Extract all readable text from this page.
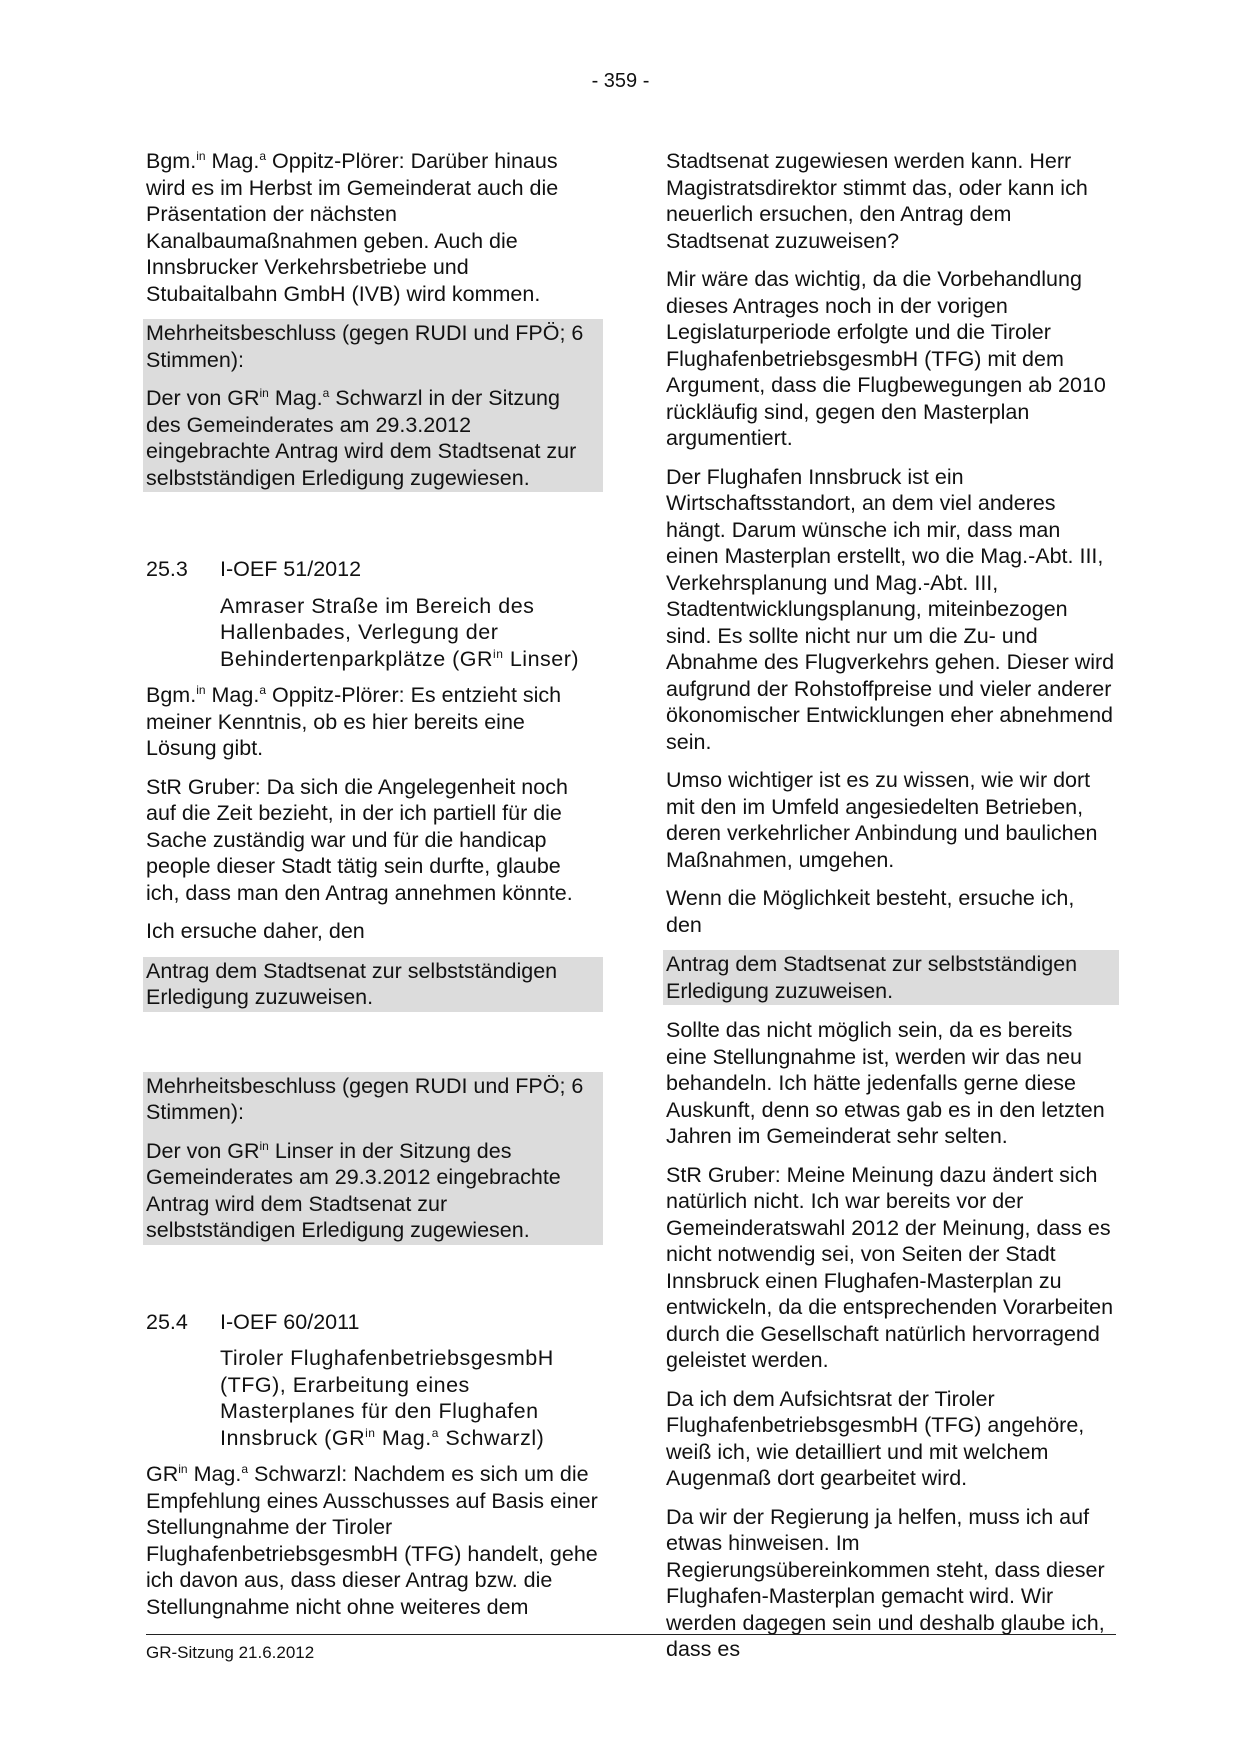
- 359 -

Bgm.$^{in}$ Mag.$^a$ Oppitz-Plörer: Darüber hinaus wird es im Herbst im Gemeinderat auch die Präsentation der nächsten Kanalbaumaßnahmen geben. Auch die Innsbrucker Verkehrsbetriebe und Stubaitalbahn GmbH (IVB) wird kommen.

Mehrheitsbeschluss (gegen RUDI und FPÖ; 6 Stimmen):

Der von $GR^{in}$ Mag.$^a$ Schwarzl in der Sitzung des Gemeinderates am 29.3.2012 eingebrachte Antrag wird dem Stadtsenat zur selbstständigen Erledigung zugewiesen.

25.3	I-OEF 51/2012
Amraser Straße im Bereich des Hallenbades, Verlegung der Behindertenparkplätze ($GR^{in}$ Linser)

Bgm.$^{in}$ Mag.$^a$ Oppitz-Plörer: Es entzieht sich meiner Kenntnis, ob es hier bereits eine Lösung gibt.

StR Gruber: Da sich die Angelegenheit noch auf die Zeit bezieht, in der ich partiell für die Sache zuständig war und für die handicap people dieser Stadt tätig sein durfte, glaube ich, dass man den Antrag annehmen könnte.

Ich ersuche daher, den

Antrag dem Stadtsenat zur selbstständigen Erledigung zuzuweisen.

Mehrheitsbeschluss (gegen RUDI und FPÖ; 6 Stimmen):

Der von $GR^{in}$ Linser in der Sitzung des Gemeinderates am 29.3.2012 eingebrachte Antrag wird dem Stadtsenat zur selbstständigen Erledigung zugewiesen.

25.4	I-OEF 60/2011
Tiroler FlughafenbetriebsgesmbH (TFG), Erarbeitung eines Masterplanes für den Flughafen Innsbruck ($GR^{in}$ Mag.$^a$ Schwarzl)

$GR^{in}$ Mag.$^a$ Schwarzl: Nachdem es sich um die Empfehlung eines Ausschusses auf Basis einer Stellungnahme der Tiroler FlughafenbetriebsgesmbH (TFG) handelt, gehe ich davon aus, dass dieser Antrag bzw. die Stellungnahme nicht ohne weiteres dem

Stadtsenat zugewiesen werden kann. Herr Magistratsdirektor stimmt das, oder kann ich neuerlich ersuchen, den Antrag dem Stadtsenat zuzuweisen?

Mir wäre das wichtig, da die Vorbehandlung dieses Antrages noch in der vorigen Legislaturperiode erfolgte und die Tiroler FlughafenbetriebsgesmbH (TFG) mit dem Argument, dass die Flugbewegungen ab 2010 rückläufig sind, gegen den Masterplan argumentiert.

Der Flughafen Innsbruck ist ein Wirtschaftsstandort, an dem viel anderes hängt. Darum wünsche ich mir, dass man einen Masterplan erstellt, wo die Mag.-Abt. III, Verkehrsplanung und Mag.-Abt. III, Stadtentwicklungsplanung, miteinbezogen sind. Es sollte nicht nur um die Zu- und Abnahme des Flugverkehrs gehen. Dieser wird aufgrund der Rohstoffpreise und vieler anderer ökonomischer Entwicklungen eher abnehmend sein.

Umso wichtiger ist es zu wissen, wie wir dort mit den im Umfeld angesiedelten Betrieben, deren verkehrlicher Anbindung und baulichen Maßnahmen, umgehen.

Wenn die Möglichkeit besteht, ersuche ich, den

Antrag dem Stadtsenat zur selbstständigen Erledigung zuzuweisen.

Sollte das nicht möglich sein, da es bereits eine Stellungnahme ist, werden wir das neu behandeln. Ich hätte jedenfalls gerne diese Auskunft, denn so etwas gab es in den letzten Jahren im Gemeinderat sehr selten.

StR Gruber: Meine Meinung dazu ändert sich natürlich nicht. Ich war bereits vor der Gemeinderatswahl 2012 der Meinung, dass es nicht notwendig sei, von Seiten der Stadt Innsbruck einen Flughafen-Masterplan zu entwickeln, da die entsprechenden Vorarbeiten durch die Gesellschaft natürlich hervorragend geleistet werden.

Da ich dem Aufsichtsrat der Tiroler FlughafenbetriebsgesmbH (TFG) angehöre, weiß ich, wie detailliert und mit welchem Augenmaß dort gearbeitet wird.

Da wir der Regierung ja helfen, muss ich auf etwas hinweisen. Im Regierungsübereinkommen steht, dass dieser Flughafen-Masterplan gemacht wird. Wir werden dagegen sein und deshalb glaube ich, dass es

GR-Sitzung 21.6.2012
